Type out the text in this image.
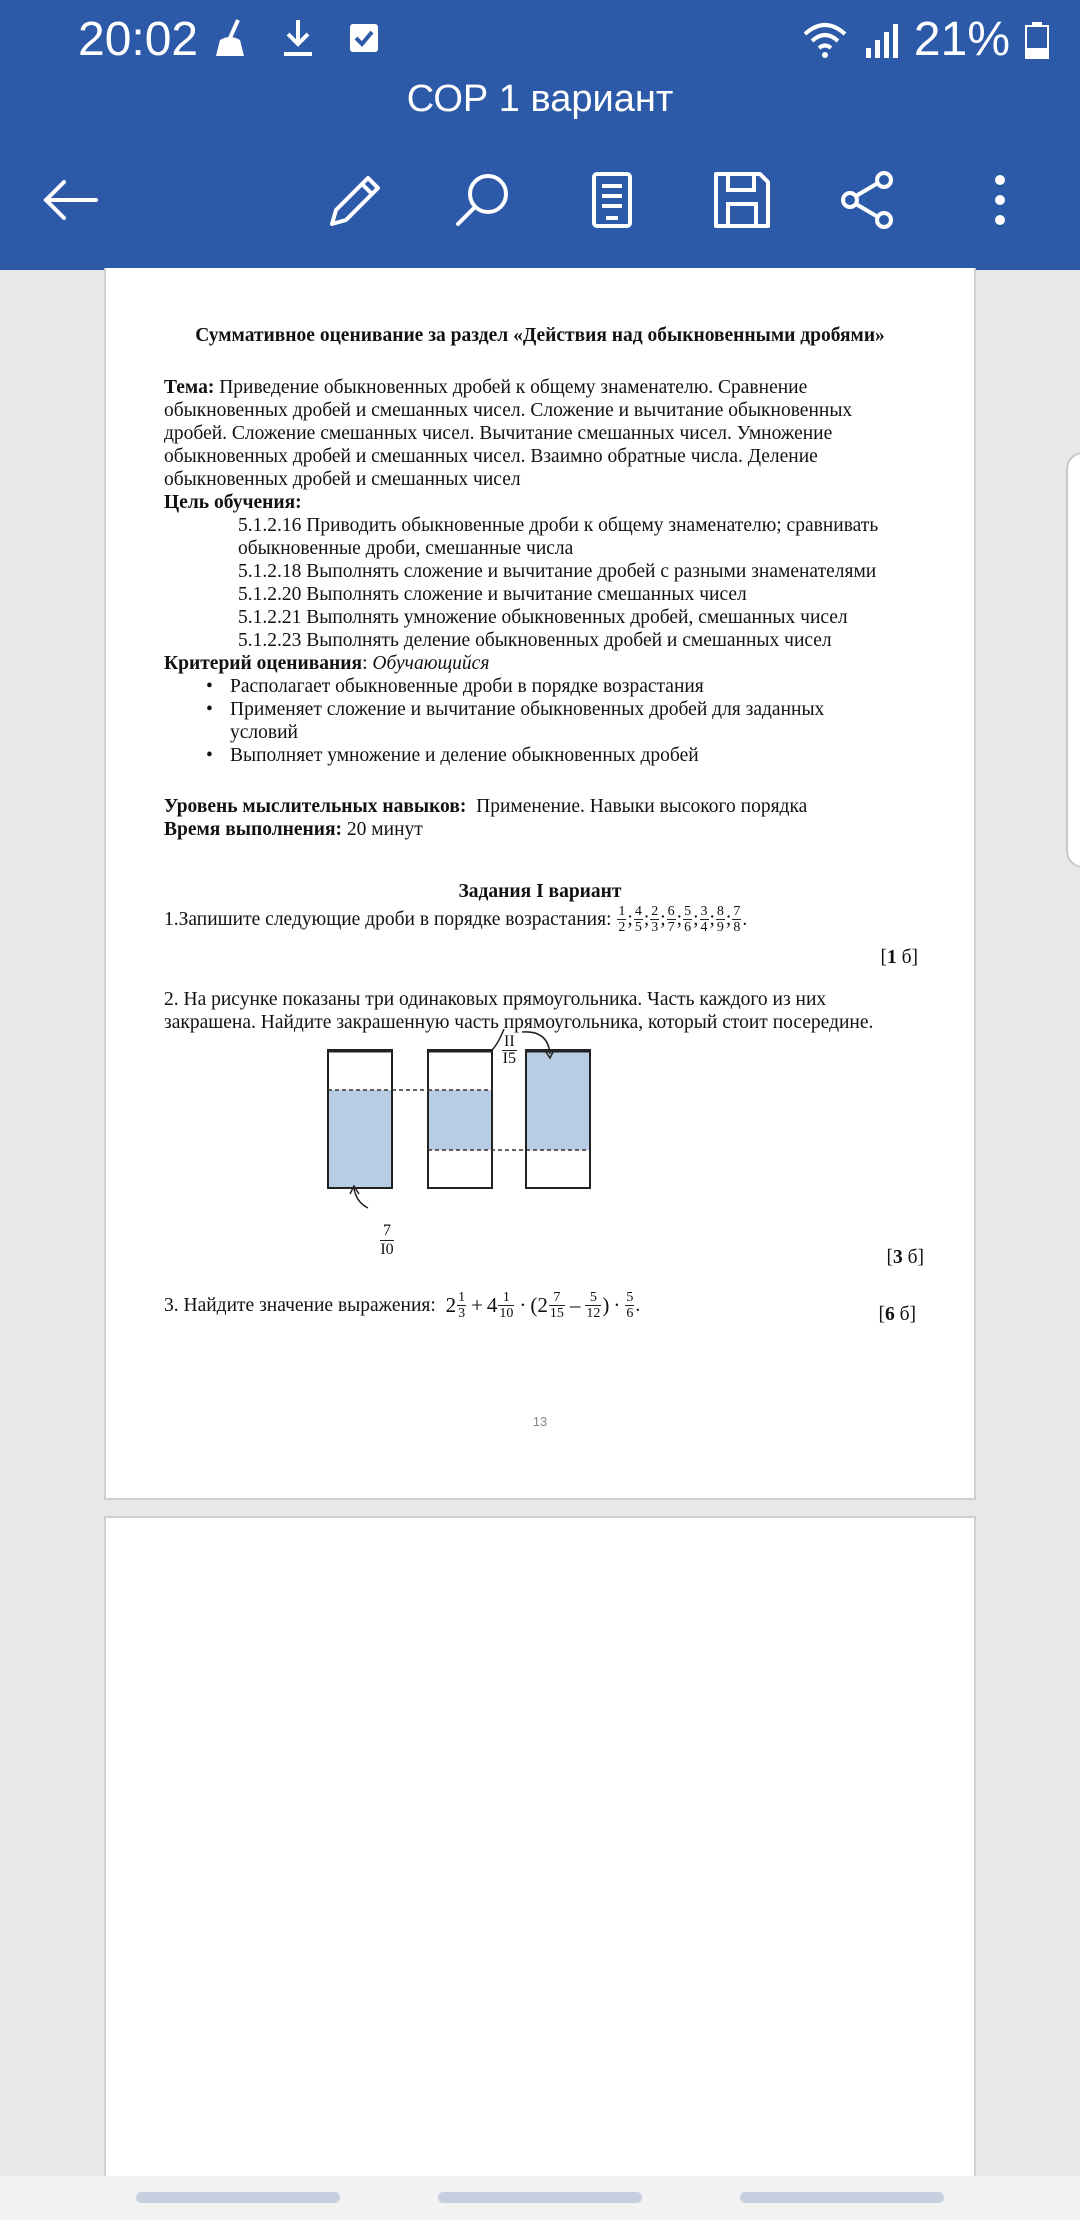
20:02	21%
СОР 1 вариант
Суммативное оценивание за раздел «Действия над обыкновенными дробями»
Тема: Приведение обыкновенных дробей к общему знаменателю. Сравнение
обыкновенных дробей и смешанных чисел. Сложение и вычитание обыкновенных
дробей. Сложение смешанных чисел. Вычитание смешанных чисел. Умножение
обыкновенных дробей и смешанных чисел. Взаимно обратные числа. Деление
обыкновенных дробей и смешанных чисел
Цель обучения:
5.1.2.16 Приводить обыкновенные дроби к общему знаменателю; сравнивать
обыкновенные дроби, смешанные числа
5.1.2.18 Выполнять сложение и вычитание дробей с разными знаменателями
5.1.2.20 Выполнять сложение и вычитание смешанных чисел
5.1.2.21 Выполнять умножение обыкновенных дробей, смешанных чисел
5.1.2.23 Выполнять деление обыкновенных дробей и смешанных чисел
Критерий оценивания: Обучающийся
• Располагает обыкновенные дроби в порядке возрастания
• Применяет сложение и вычитание обыкновенных дробей для заданных
условий
• Выполняет умножение и деление обыкновенных дробей
Уровень мыслительных навыков: Применение. Навыки высокого порядка
Время выполнения: 20 минут
Задания I вариант
1.Запишите следующие дроби в порядке возрастания:
$\frac{1}{2}$ ; $\frac{4}{5}$ ; $\frac{2}{3}$ ; $\frac{6}{7}$ ; $\frac{5}{6}$ ; $\frac{3}{4}$ ; $\frac{8}{9}$ ; $\frac{7}{8}$ .
[1 б]
2. На рисунке показаны три одинаковых прямоугольника. Часть каждого из них
закрашена. Найдите закрашенную часть прямоугольника, который стоит посередине.
II
I5
7
I0	[3 б]
3. Найдите значение выражения:
$2 \frac{1}{3} + 4 \frac{1}{10}$ · ( $2 \frac{7}{15} - \frac{5}{12}$ ) · $\frac{5}{6}$ .	[6 б]
13
